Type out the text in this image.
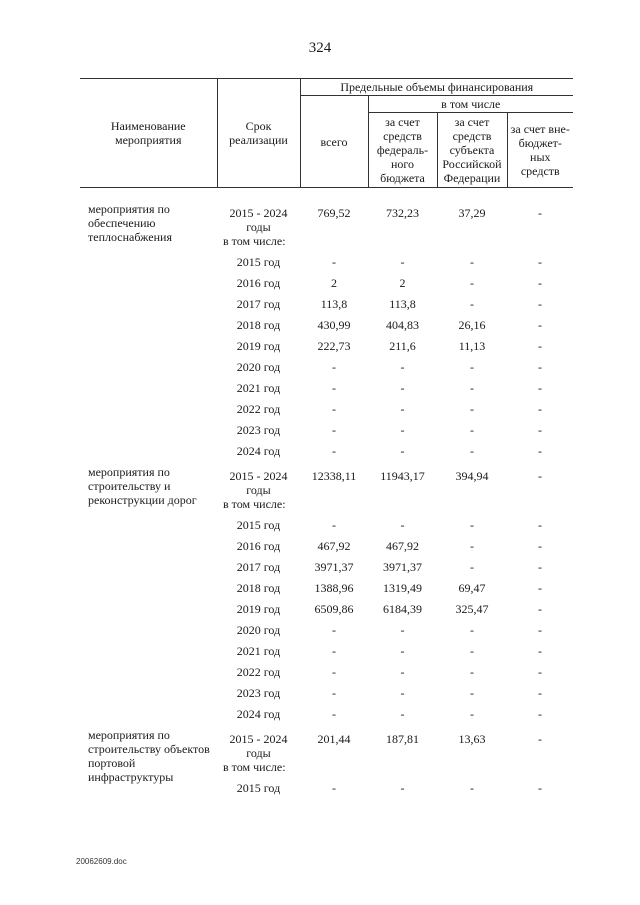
324
Наименование мероприятия	Срок реализации	Предельные объемы финансирования			
		всего	в том числе		
			за счет средств федераль-ного бюджета	за счет средств субъекта Российской Федерации	за счет вне-бюджет-ных средств

мероприятия по обеспечению теплоснабжения	2015 - 2024 годы	769,52	732,23	37,29	-
	в том числе:				
	2015 год	-	-	-	-
	2016 год	2	2	-	-
	2017 год	113,8	113,8	-	-
	2018 год	430,99	404,83	26,16	-
	2019 год	222,73	211,6	11,13	-
	2020 год	-	-	-	-
	2021 год	-	-	-	-
	2022 год	-	-	-	-
	2023 год	-	-	-	-
	2024 год	-	-	-	-
мероприятия по строительству и реконструкции дорог	2015 - 2024 годы	12338,11	11943,17	394,94	-
	в том числе:				
	2015 год	-	-	-	-
	2016 год	467,92	467,92	-	-
	2017 год	3971,37	3971,37	-	-
	2018 год	1388,96	1319,49	69,47	-
	2019 год	6509,86	6184,39	325,47	-
	2020 год	-	-	-	-
	2021 год	-	-	-	-
	2022 год	-	-	-	-
	2023 год	-	-	-	-
	2024 год	-	-	-	-
мероприятия по строительству объектов портовой инфраструктуры	2015 - 2024 годы	201,44	187,81	13,63	-
	в том числе:				
	2015 год	-	-	-	-
20062609.doc
